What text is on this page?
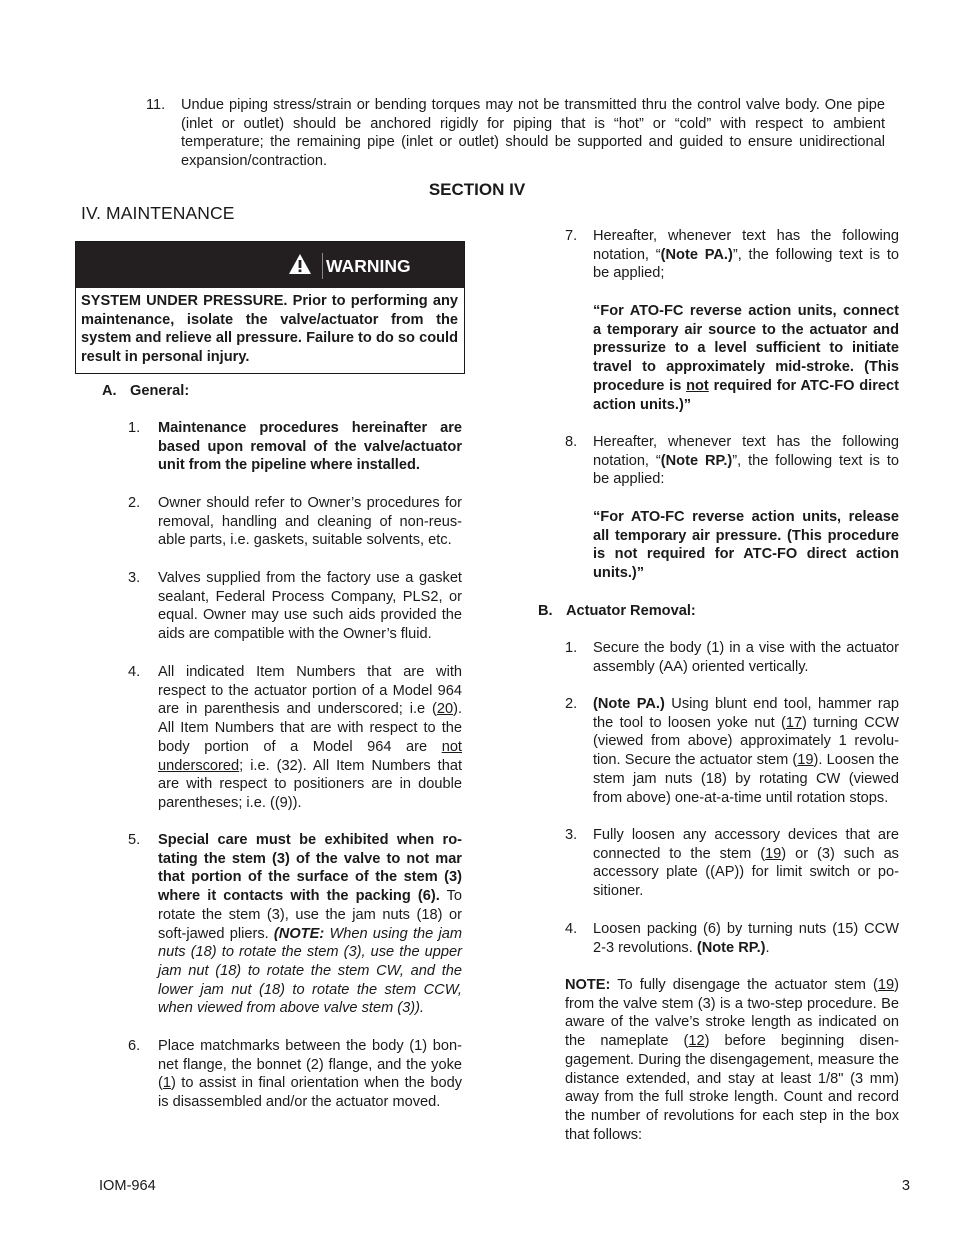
11.	Undue piping stress/strain or bending torques may not be transmitted thru the control valve body. One pipe (inlet or outlet) should be anchored rigidly for piping that is “hot” or “cold” with respect to ambient temperature; the remaining pipe (inlet or outlet) should be supported and guided to ensure unidirectional expansion/contraction.
SECTION IV
IV. MAINTENANCE
WARNING
SYSTEM UNDER PRESSURE. Prior to performing any maintenance, isolate the valve/actuator from the system and relieve all pressure. Failure to do so could result in personal injury.
A. General:
1.	Maintenance procedures hereinafter are based upon removal of the valve/actuator unit from the pipeline where installed.
2.	Owner should refer to Owner’s procedures for removal, handling and cleaning of non-reus-able parts, i.e. gaskets, suitable solvents, etc.
3.	Valves supplied from the factory use a gasket sealant, Federal Process Company, PLS2, or equal. Owner may use such aids provided the aids are compatible with the Owner’s fluid.
4.	All indicated Item Numbers that are with respect to the actuator portion of a Model 964 are in parenthesis and underscored; i.e (20). All Item Numbers that are with respect to the body portion of a Model 964 are not underscored; i.e. (32). All Item Numbers that are with respect to positioners are in double parentheses; i.e. ((9)).
5.	Special care must be exhibited when ro-tating the stem (3) of the valve to not mar that portion of the surface of the stem (3) where it contacts with the packing (6). To rotate the stem (3), use the jam nuts (18) or soft-jawed pliers. (NOTE: When using the jam nuts (18) to rotate the stem (3), use the upper jam nut (18) to rotate the stem CW, and the lower jam nut (18) to rotate the stem CCW, when viewed from above valve stem (3)).
6.	Place matchmarks between the body (1) bon-net flange, the bonnet (2) flange, and the yoke (1) to assist in final orientation when the body is disassembled and/or the actuator moved.
7.	Hereafter, whenever text has the following notation, “(Note PA.)”, the following text is to be applied;
“For ATO-FC reverse action units, connect a temporary air source to the actuator and pressurize to a level sufficient to initiate travel to approximately mid-stroke. (This procedure is not required for ATC-FO direct action units.)”
8.	Hereafter, whenever text has the following notation, “(Note RP.)”, the following text is to be applied:
“For ATO-FC reverse action units, release all temporary air pressure. (This procedure is not required for ATC-FO direct action units.)”
B. Actuator Removal:
1.	Secure the body (1) in a vise with the actuator assembly (AA) oriented vertically.
2.	(Note PA.) Using blunt end tool, hammer rap the tool to loosen yoke nut (17) turning CCW (viewed from above) approximately 1 revolu-tion. Secure the actuator stem (19). Loosen the stem jam nuts (18) by rotating CW (viewed from above) one-at-a-time until rotation stops.
3.	Fully loosen any accessory devices that are connected to the stem (19) or (3) such as accessory plate ((AP)) for limit switch or po-sitioner.
4.	Loosen packing (6) by turning nuts (15) CCW 2-3 revolutions. (Note RP.).
NOTE: To fully disengage the actuator stem (19) from the valve stem (3) is a two-step procedure. Be aware of the valve’s stroke length as indicated on the nameplate (12) before beginning disen-gagement. During the disengagement, measure the distance extended, and stay at least 1/8" (3 mm) away from the full stroke length. Count and record the number of revolutions for each step in the box that follows:
IOM-964	3
